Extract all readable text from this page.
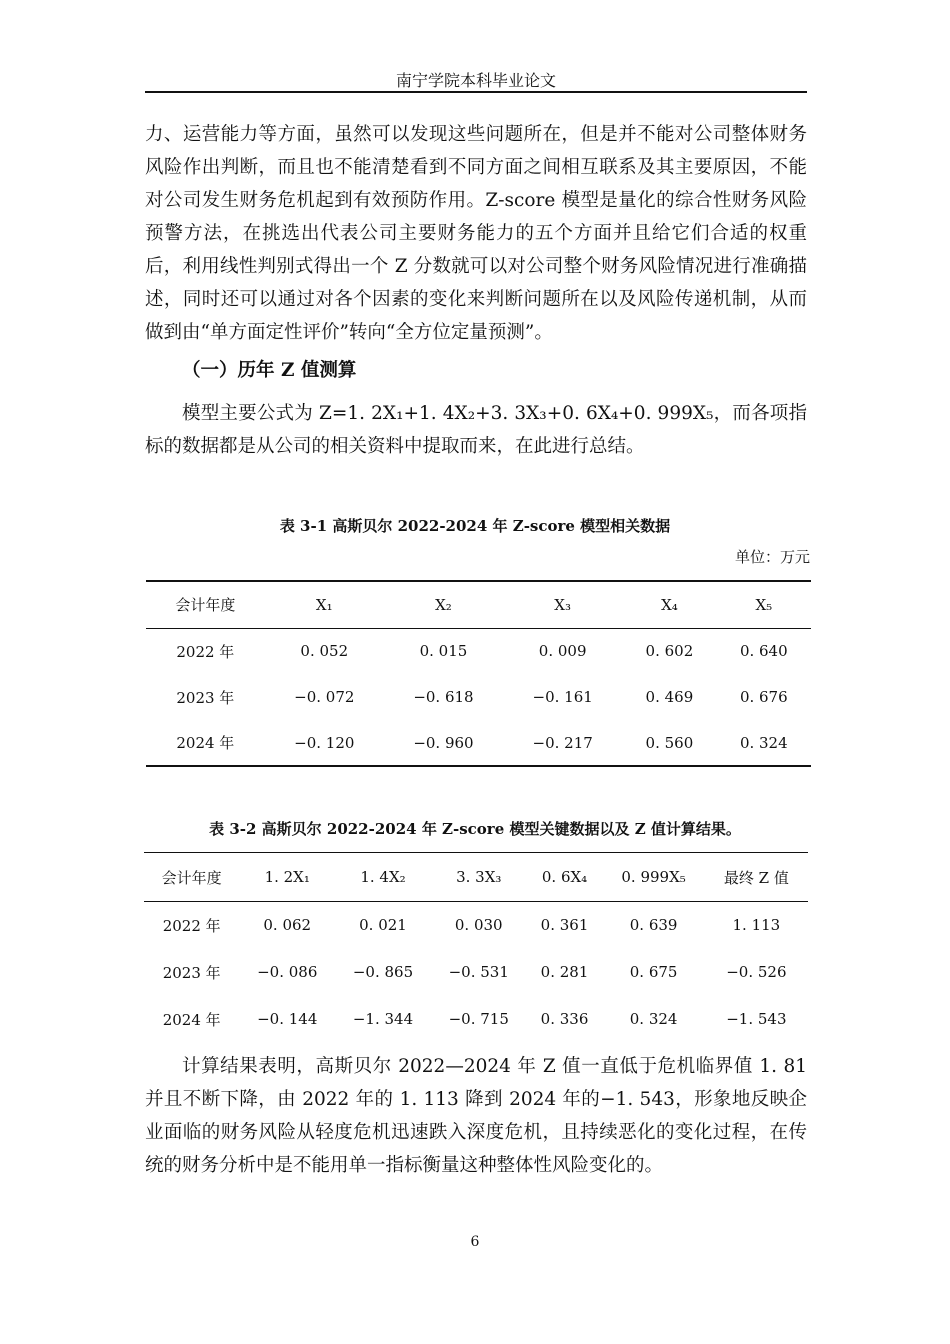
南宁学院本科毕业论文

力、运营能力等方面，虽然可以发现这些问题所在，但是并不能对公司整体财务风险作出判断，而且也不能清楚看到不同方面之间相互联系及其主要原因，不能对公司发生财务危机起到有效预防作用。Z-score 模型是量化的综合性财务风险预警方法，在挑选出代表公司主要财务能力的五个方面并且给它们合适的权重后，利用线性判别式得出一个 Z 分数就可以对公司整个财务风险情况进行准确描述，同时还可以通过对各个因素的变化来判断问题所在以及风险传递机制，从而做到由“单方面定性评价”转向“全方位定量预测”。

（一）历年 Z 值测算

模型主要公式为 Z=1. 2X₁+1. 4X₂+3. 3X₃+0. 6X₄+0. 999X₅，而各项指标的数据都是从公司的相关资料中提取而来，在此进行总结。

表 3-1 高斯贝尔 2022-2024 年 Z-score 模型相关数据
单位：万元
会计年度	X₁	X₂	X₃	X₄	X₅
2022 年	0. 052	0. 015	0. 009	0. 602	0. 640
2023 年	−0. 072	−0. 618	−0. 161	0. 469	0. 676
2024 年	−0. 120	−0. 960	−0. 217	0. 560	0. 324
表 3-2 高斯贝尔 2022-2024 年 Z-score 模型关键数据以及 Z 值计算结果。
会计年度	1. 2X₁	1. 4X₂	3. 3X₃	0. 6X₄	0. 999X₅	最终 Z 值
2022 年	0. 062	0. 021	0. 030	0. 361	0. 639	1. 113
2023 年	−0. 086	−0. 865	−0. 531	0. 281	0. 675	−0. 526
2024 年	−0. 144	−1. 344	−0. 715	0. 336	0. 324	−1. 543

计算结果表明，高斯贝尔 2022—2024 年 Z 值一直低于危机临界值 1. 81 并且不断下降，由 2022 年的 1. 113 降到 2024 年的−1. 543，形象地反映企业面临的财务风险从轻度危机迅速跌入深度危机，且持续恶化的变化过程，在传统的财务分析中是不能用单一指标衡量这种整体性风险变化的。

6
